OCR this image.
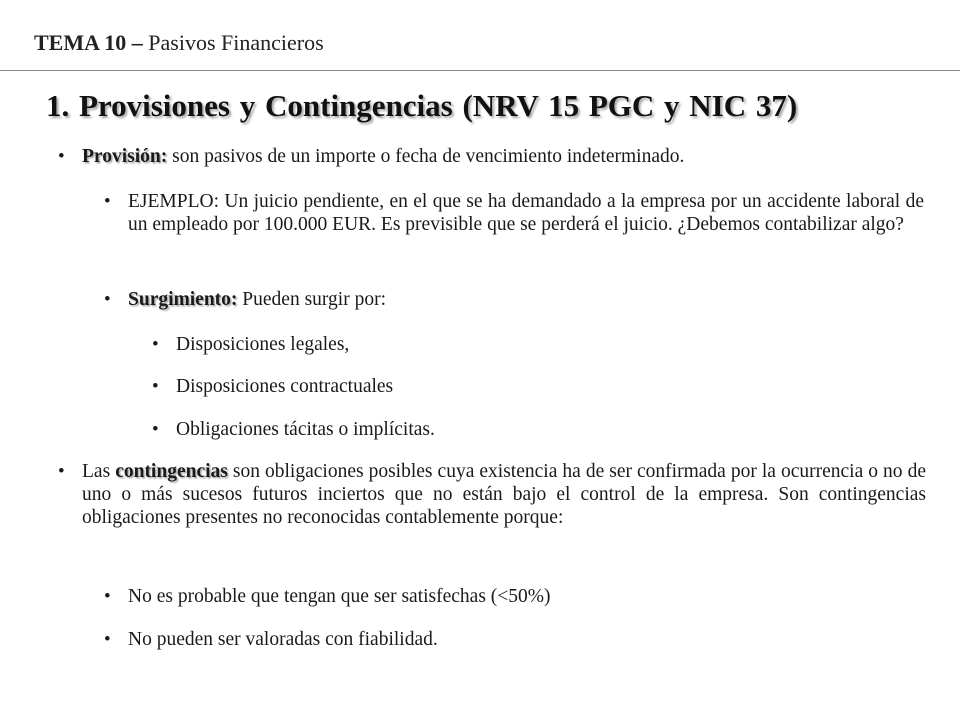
TEMA 10 – Pasivos Financieros
1. Provisiones y Contingencias (NRV 15 PGC y NIC 37)
• Provisión: son pasivos de un importe o fecha de vencimiento indeterminado.
• EJEMPLO: Un juicio pendiente, en el que se ha demandado a la empresa por un accidente laboral de un empleado por 100.000 EUR. Es previsible que se perderá el juicio. ¿Debemos contabilizar algo?
• Surgimiento: Pueden surgir por:
• Disposiciones legales,
• Disposiciones contractuales
• Obligaciones tácitas o implícitas.
• Las contingencias son obligaciones posibles cuya existencia ha de ser confirmada por la ocurrencia o no de uno o más sucesos futuros inciertos que no están bajo el control de la empresa. Son contingencias obligaciones presentes no reconocidas contablemente porque:
• No es probable que tengan que ser satisfechas (<50%)
• No pueden ser valoradas con fiabilidad.
